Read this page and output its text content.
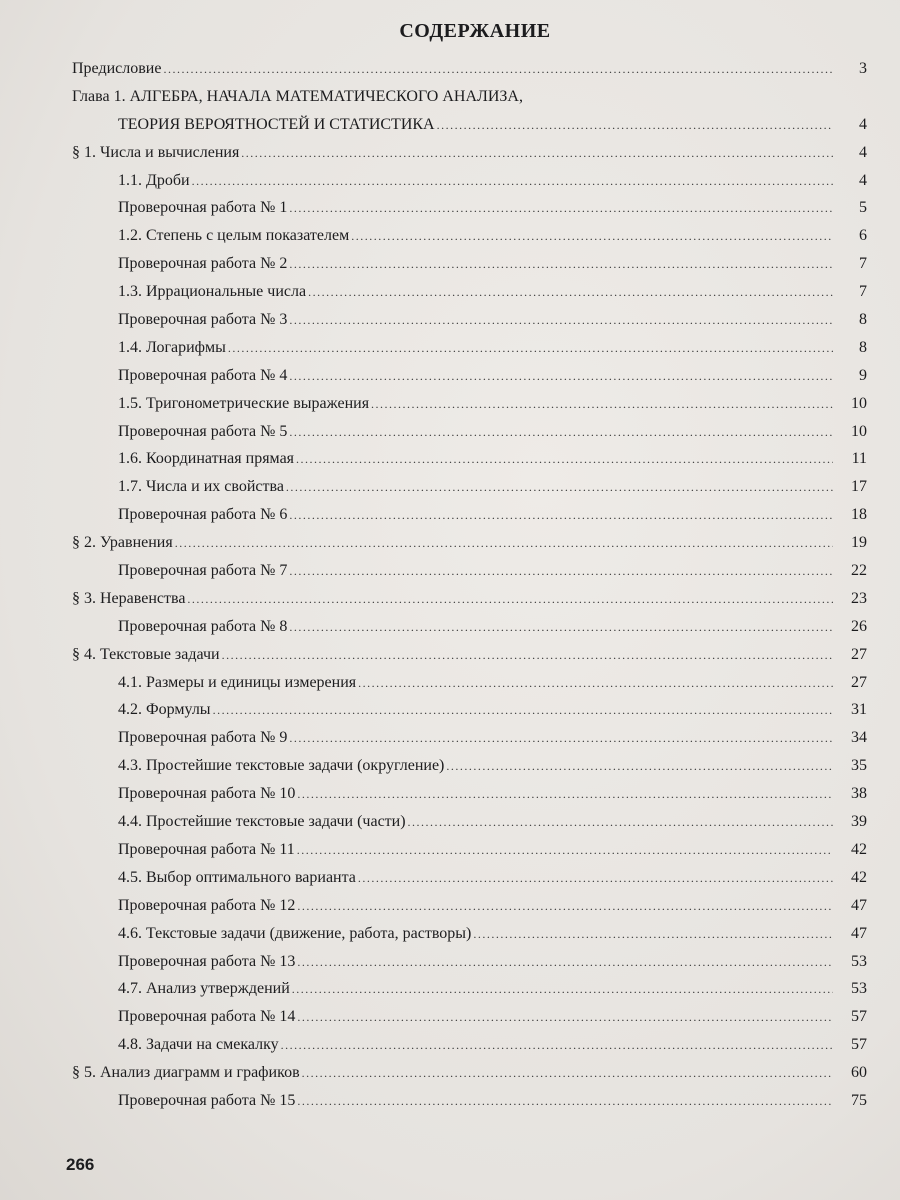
СОДЕРЖАНИЕ
Предисловие .....	3
Глава 1. АЛГЕБРА, НАЧАЛА МАТЕМАТИЧЕСКОГО АНАЛИЗА,
ТЕОРИЯ ВЕРОЯТНОСТЕЙ И СТАТИСТИКА .....	4
§ 1. Числа и вычисления .....	4
1.1. Дроби .....	4
Проверочная работа № 1 .....	5
1.2. Степень с целым показателем .....	6
Проверочная работа № 2 .....	7
1.3. Иррациональные числа .....	7
Проверочная работа № 3 .....	8
1.4. Логарифмы .....	8
Проверочная работа № 4 .....	9
1.5. Тригонометрические выражения .....	10
Проверочная работа № 5 .....	10
1.6. Координатная прямая .....	11
1.7. Числа и их свойства .....	17
Проверочная работа № 6 .....	18
§ 2. Уравнения .....	19
Проверочная работа № 7 .....	22
§ 3. Неравенства .....	23
Проверочная работа № 8 .....	26
§ 4. Текстовые задачи .....	27
4.1. Размеры и единицы измерения .....	27
4.2. Формулы .....	31
Проверочная работа № 9 .....	34
4.3. Простейшие текстовые задачи (округление) .....	35
Проверочная работа № 10 .....	38
4.4. Простейшие текстовые задачи (части) .....	39
Проверочная работа № 11 .....	42
4.5. Выбор оптимального варианта .....	42
Проверочная работа № 12 .....	47
4.6. Текстовые задачи (движение, работа, растворы) .....	47
Проверочная работа № 13 .....	53
4.7. Анализ утверждений .....	53
Проверочная работа № 14 .....	57
4.8. Задачи на смекалку .....	57
§ 5. Анализ диаграмм и графиков .....	60
Проверочная работа № 15 .....	75
266
